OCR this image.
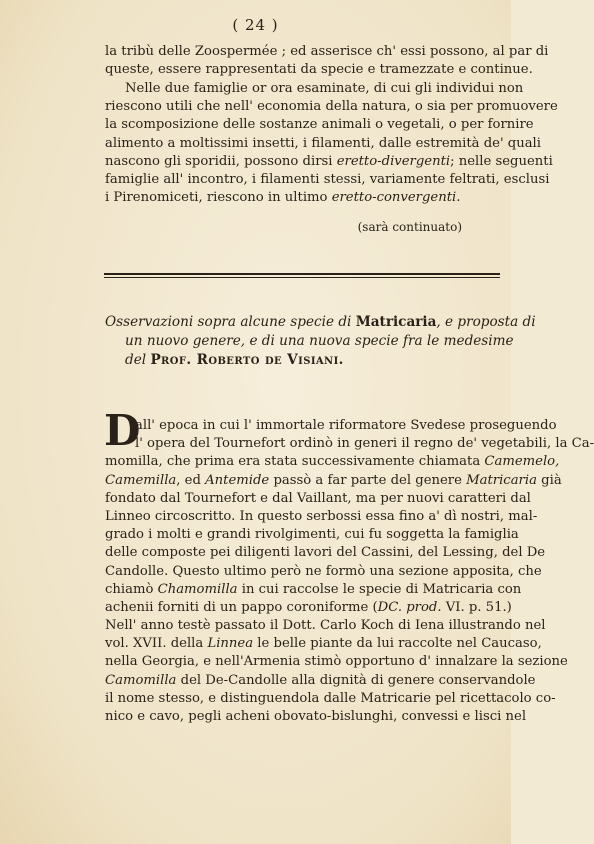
( 24 )
la tribù delle Zoospermée ; ed asserisce ch' essi possono, al par di
queste, essere rappresentati da specie e tramezzate e continue.
Nelle due famiglie or ora esaminate, di cui gli individui non
riescono utili che nell' economia della natura, o sia per promuovere
la scomposizione delle sostanze animali o vegetali, o per fornire
alimento a moltissimi insetti, i filamenti, dalle estremità de' quali
nascono gli sporidii, possono dirsi eretto-divergenti; nelle seguenti
famiglie all' incontro, i filamenti stessi, variamente feltrati, esclusi
i Pirenomiceti, riescono in ultimo eretto-convergenti.
(sarà continuato)
Osservazioni sopra alcune specie di Matricaria, e proposta di
un nuovo genere, e di una nuova specie fra le medesime
del Prof. Roberto de Visiani.
D
all' epoca in cui l' immortale riformatore Svedese proseguendo
l' opera del Tournefort ordinò in generi il regno de' vegetabili, la Ca-
momilla, che prima era stata successivamente chiamata Camemelo,
Camemilla, ed Antemide passò a far parte del genere Matricaria già
fondato dal Tournefort e dal Vaillant, ma per nuovi caratteri dal
Linneo circoscritto. In questo serbossi essa fino a' dì nostri, mal-
grado i molti e grandi rivolgimenti, cui fu soggetta la famiglia
delle composte pei diligenti lavori del Cassini, del Lessing, del De
Candolle. Questo ultimo però ne formò una sezione apposita, che
chiamò Chamomilla in cui raccolse le specie di Matricaria con
achenii forniti di un pappo coroniforme (DC. prod. VI. p. 51.)
Nell' anno testè passato il Dott. Carlo Koch di Iena illustrando nel
vol. XVII. della Linnea le belle piante da lui raccolte nel Caucaso,
nella Georgia, e nell'Armenia stimò opportuno d' innalzare la sezione
Camomilla del De-Candolle alla dignità di genere conservandole
il nome stesso, e distinguendola dalle Matricarie pel ricettacolo co-
nico e cavo, pegli acheni obovato-bislunghi, convessi e lisci nel
